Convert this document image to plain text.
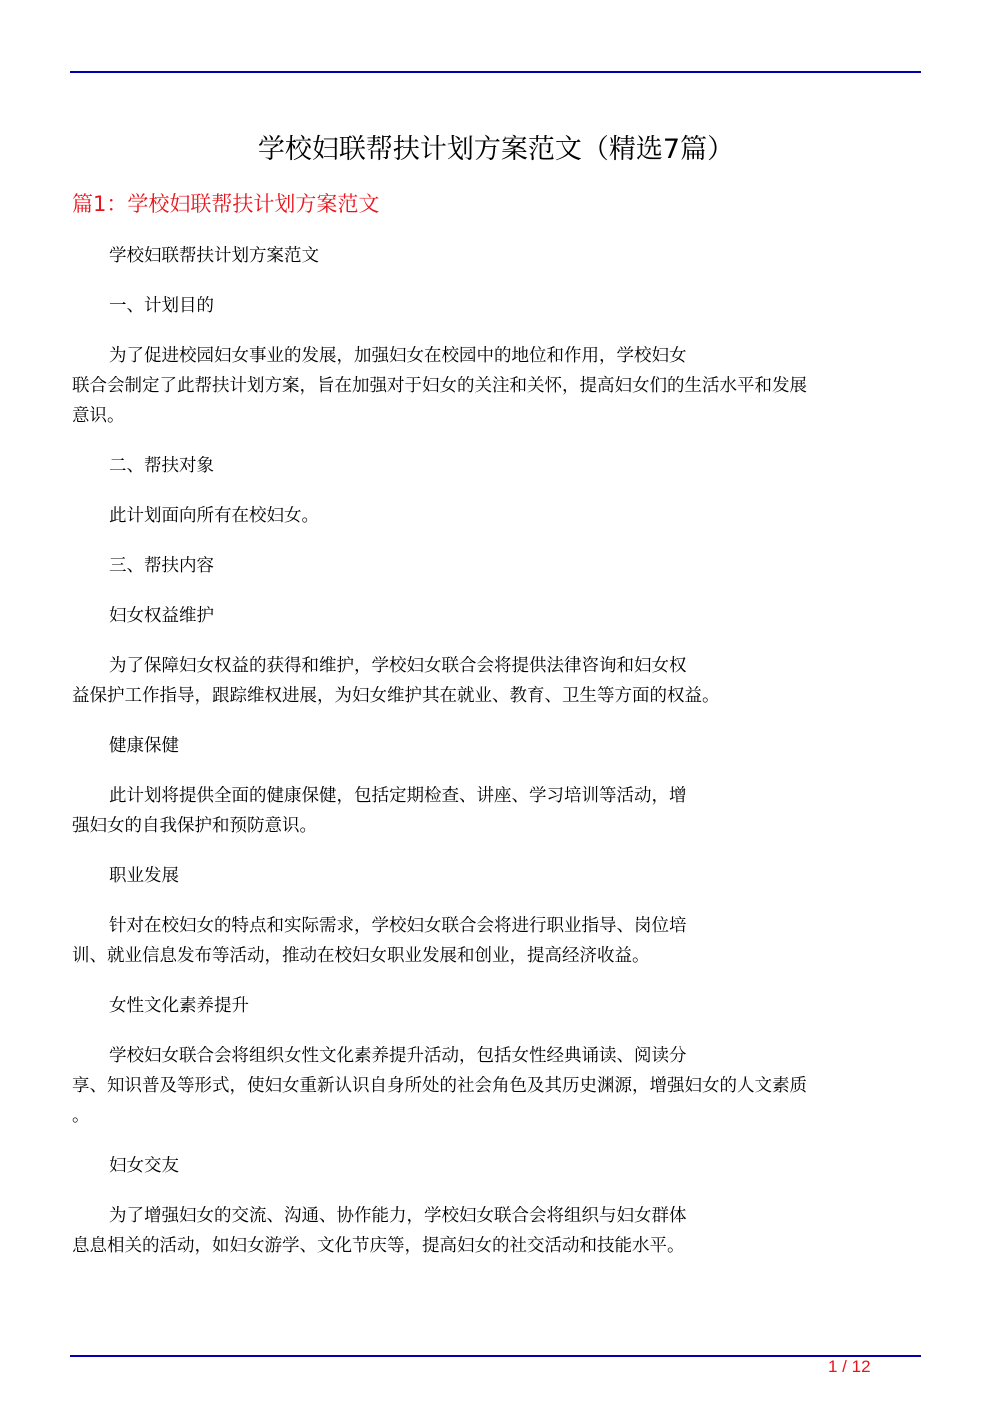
学校妇联帮扶计划方案范文（精选7篇）
篇1：学校妇联帮扶计划方案范文
学校妇联帮扶计划方案范文
一、计划目的
为了促进校园妇女事业的发展，加强妇女在校园中的地位和作用，学校妇女
联合会制定了此帮扶计划方案，旨在加强对于妇女的关注和关怀，提高妇女们的生活水平和发展
意识。
二、帮扶对象
此计划面向所有在校妇女。
三、帮扶内容
妇女权益维护
为了保障妇女权益的获得和维护，学校妇女联合会将提供法律咨询和妇女权
益保护工作指导，跟踪维权进展，为妇女维护其在就业、教育、卫生等方面的权益。
健康保健
此计划将提供全面的健康保健，包括定期检查、讲座、学习培训等活动，增
强妇女的自我保护和预防意识。
职业发展
针对在校妇女的特点和实际需求，学校妇女联合会将进行职业指导、岗位培
训、就业信息发布等活动，推动在校妇女职业发展和创业，提高经济收益。
女性文化素养提升
学校妇女联合会将组织女性文化素养提升活动，包括女性经典诵读、阅读分
享、知识普及等形式，使妇女重新认识自身所处的社会角色及其历史渊源，增强妇女的人文素质
。
妇女交友
为了增强妇女的交流、沟通、协作能力，学校妇女联合会将组织与妇女群体
息息相关的活动，如妇女游学、文化节庆等，提高妇女的社交活动和技能水平。
1 / 12
